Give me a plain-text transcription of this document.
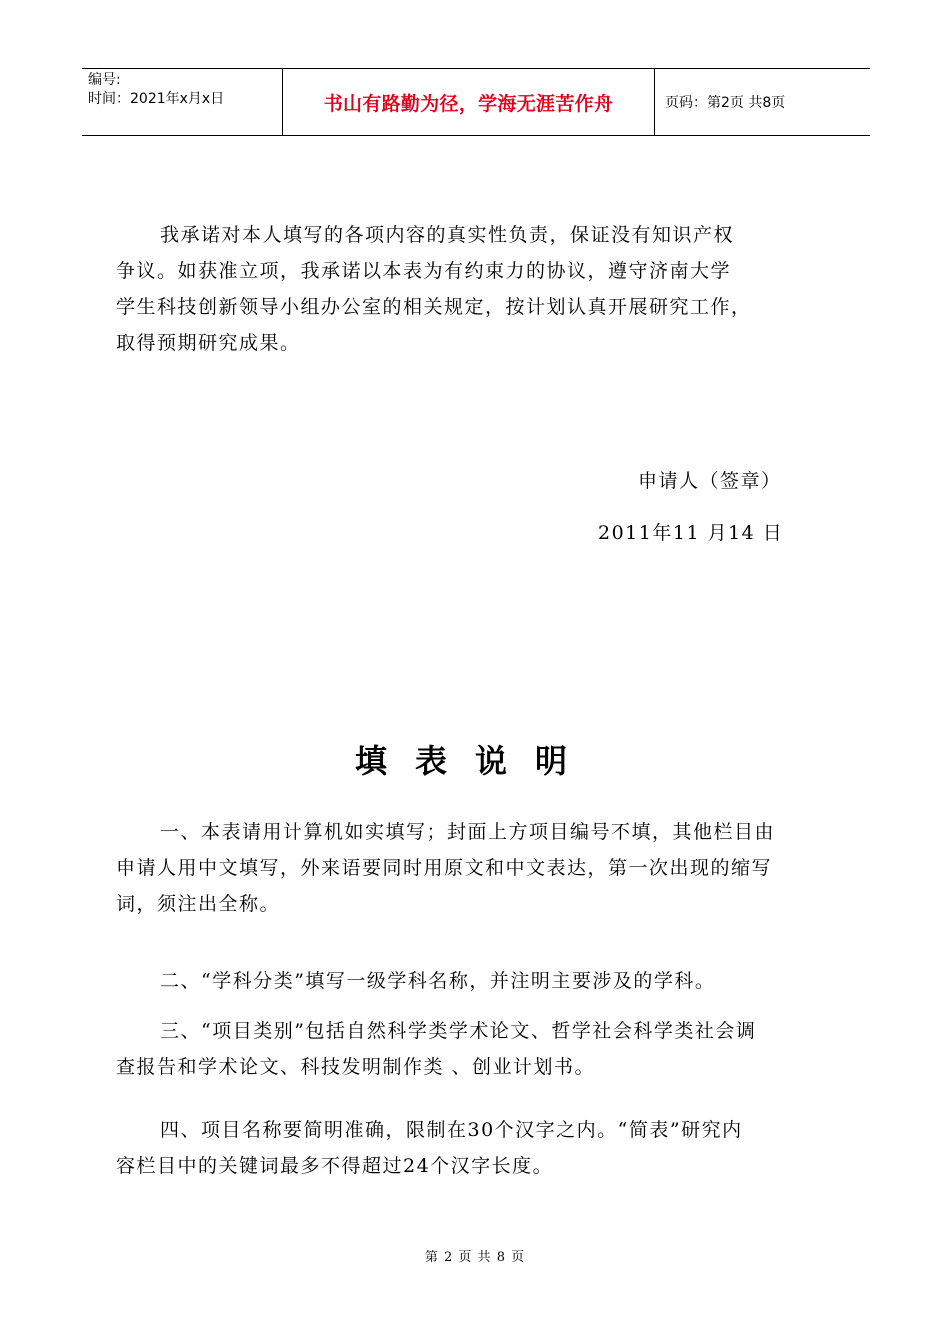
编号:
时间：2021年x月x日	书山有路勤为径，学海无涯苦作舟	页码：第2页 共8页
我承诺对本人填写的各项内容的真实性负责，保证没有知识产权
争议。如获准立项，我承诺以本表为有约束力的协议，遵守济南大学
学生科技创新领导小组办公室的相关规定，按计划认真开展研究工作，
取得预期研究成果。
申请人（签章）
2011年11 月14 日
填表说明
一、本表请用计算机如实填写；封面上方项目编号不填，其他栏目由
申请人用中文填写，外来语要同时用原文和中文表达，第一次出现的缩写
词，须注出全称。
二、“学科分类”填写一级学科名称，并注明主要涉及的学科。
三、“项目类别”包括自然科学类学术论文、哲学社会科学类社会调
查报告和学术论文、科技发明制作类 、创业计划书。
四、项目名称要简明准确，限制在30个汉字之内。“简表”研究内
容栏目中的关键词最多不得超过24个汉字长度。
第 2 页 共 8 页
